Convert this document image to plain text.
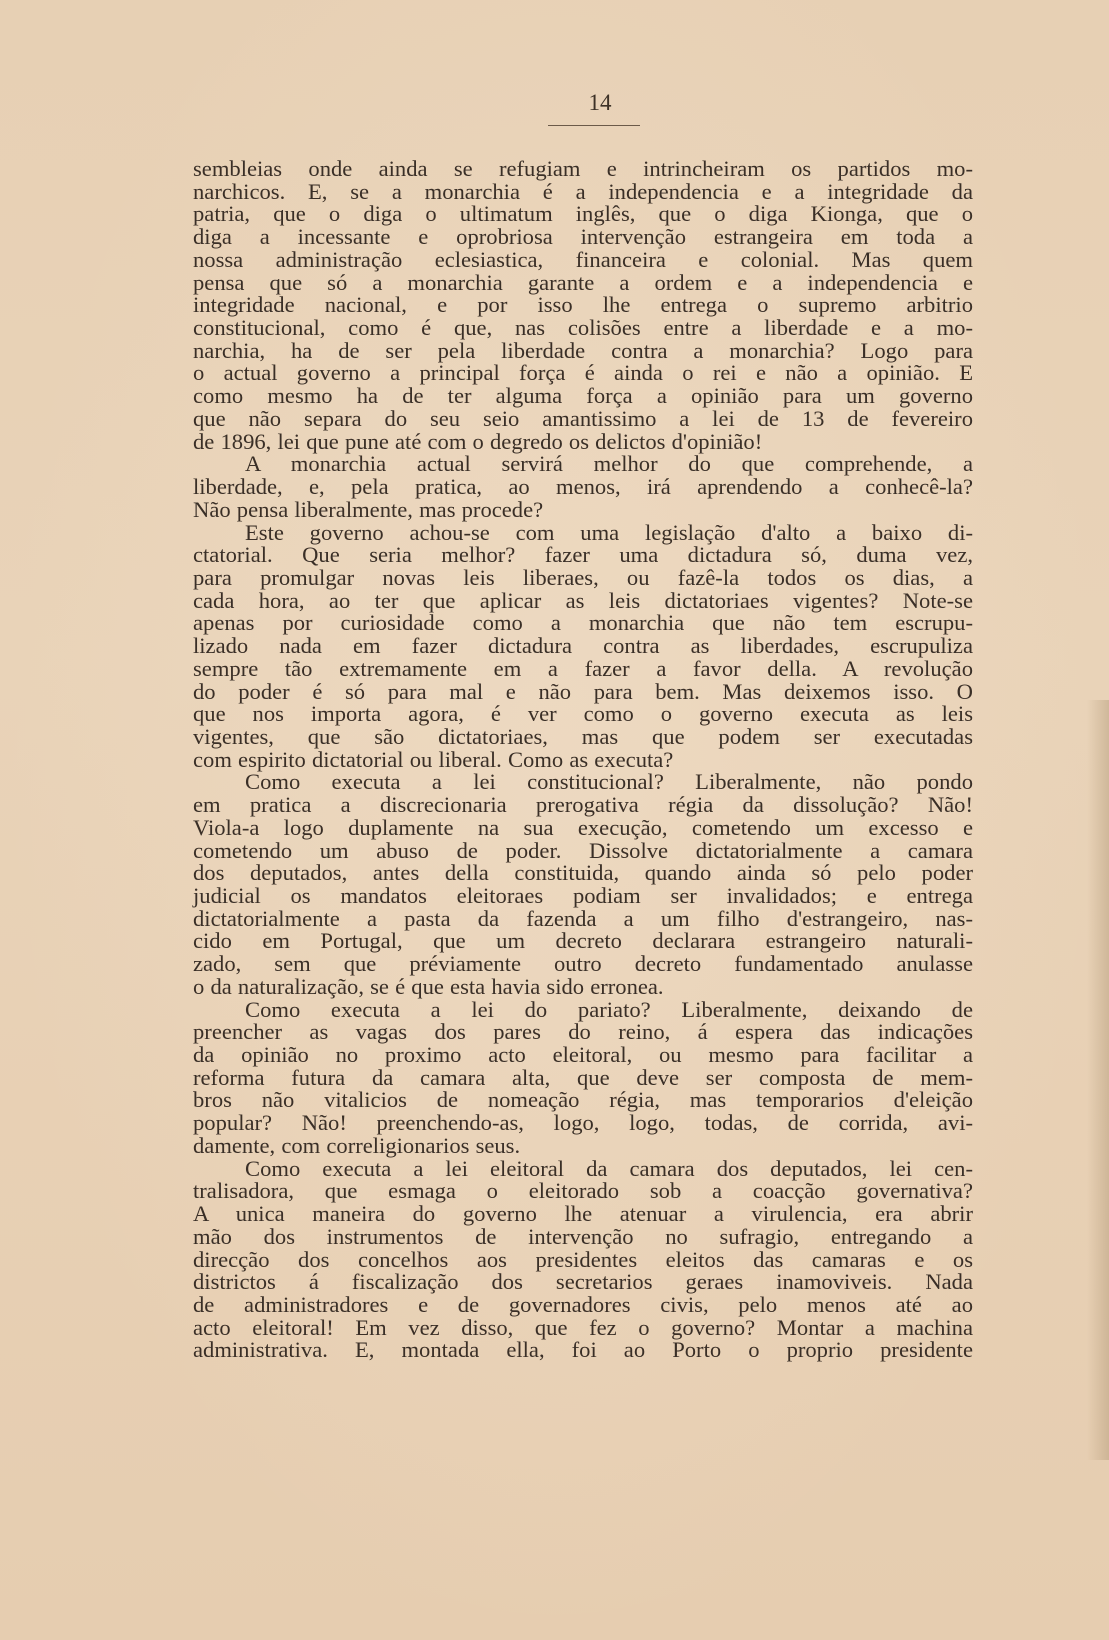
14
sembleias onde ainda se refugiam e intrincheiram os partidos mo-
narchicos. E, se a monarchia é a independencia e a integridade da
patria, que o diga o ultimatum inglês, que o diga Kionga, que o
diga a incessante e oprobriosa intervenção estrangeira em toda a
nossa administração eclesiastica, financeira e colonial. Mas quem
pensa que só a monarchia garante a ordem e a independencia e
integridade nacional, e por isso lhe entrega o supremo arbitrio
constitucional, como é que, nas colisões entre a liberdade e a mo-
narchia, ha de ser pela liberdade contra a monarchia? Logo para
o actual governo a principal força é ainda o rei e não a opinião. E
como mesmo ha de ter alguma força a opinião para um governo
que não separa do seu seio amantissimo a lei de 13 de fevereiro
de 1896, lei que pune até com o degredo os delictos d'opinião!
A monarchia actual servirá melhor do que comprehende, a
liberdade, e, pela pratica, ao menos, irá aprendendo a conhecê-la?
Não pensa liberalmente, mas procede?
Este governo achou-se com uma legislação d'alto a baixo di-
ctatorial. Que seria melhor? fazer uma dictadura só, duma vez,
para promulgar novas leis liberaes, ou fazê-la todos os dias, a
cada hora, ao ter que aplicar as leis dictatoriaes vigentes? Note-se
apenas por curiosidade como a monarchia que não tem escrupu-
lizado nada em fazer dictadura contra as liberdades, escrupuliza
sempre tão extremamente em a fazer a favor della. A revolução
do poder é só para mal e não para bem. Mas deixemos isso. O
que nos importa agora, é ver como o governo executa as leis
vigentes, que são dictatoriaes, mas que podem ser executadas
com espirito dictatorial ou liberal. Como as executa?
Como executa a lei constitucional? Liberalmente, não pondo
em pratica a discrecionaria prerogativa régia da dissolução? Não!
Viola-a logo duplamente na sua execução, cometendo um excesso e
cometendo um abuso de poder. Dissolve dictatorialmente a camara
dos deputados, antes della constituida, quando ainda só pelo poder
judicial os mandatos eleitoraes podiam ser invalidados; e entrega
dictatorialmente a pasta da fazenda a um filho d'estrangeiro, nas-
cido em Portugal, que um decreto declarara estrangeiro naturali-
zado, sem que préviamente outro decreto fundamentado anulasse
o da naturalização, se é que esta havia sido erronea.
Como executa a lei do pariato? Liberalmente, deixando de
preencher as vagas dos pares do reino, á espera das indicações
da opinião no proximo acto eleitoral, ou mesmo para facilitar a
reforma futura da camara alta, que deve ser composta de mem-
bros não vitalicios de nomeação régia, mas temporarios d'eleição
popular? Não! preenchendo-as, logo, logo, todas, de corrida, avi-
damente, com correligionarios seus.
Como executa a lei eleitoral da camara dos deputados, lei cen-
tralisadora, que esmaga o eleitorado sob a coacção governativa?
A unica maneira do governo lhe atenuar a virulencia, era abrir
mão dos instrumentos de intervenção no sufragio, entregando a
direcção dos concelhos aos presidentes eleitos das camaras e os
districtos á fiscalização dos secretarios geraes inamoviveis. Nada
de administradores e de governadores civis, pelo menos até ao
acto eleitoral! Em vez disso, que fez o governo? Montar a machina
administrativa. E, montada ella, foi ao Porto o proprio presidente
